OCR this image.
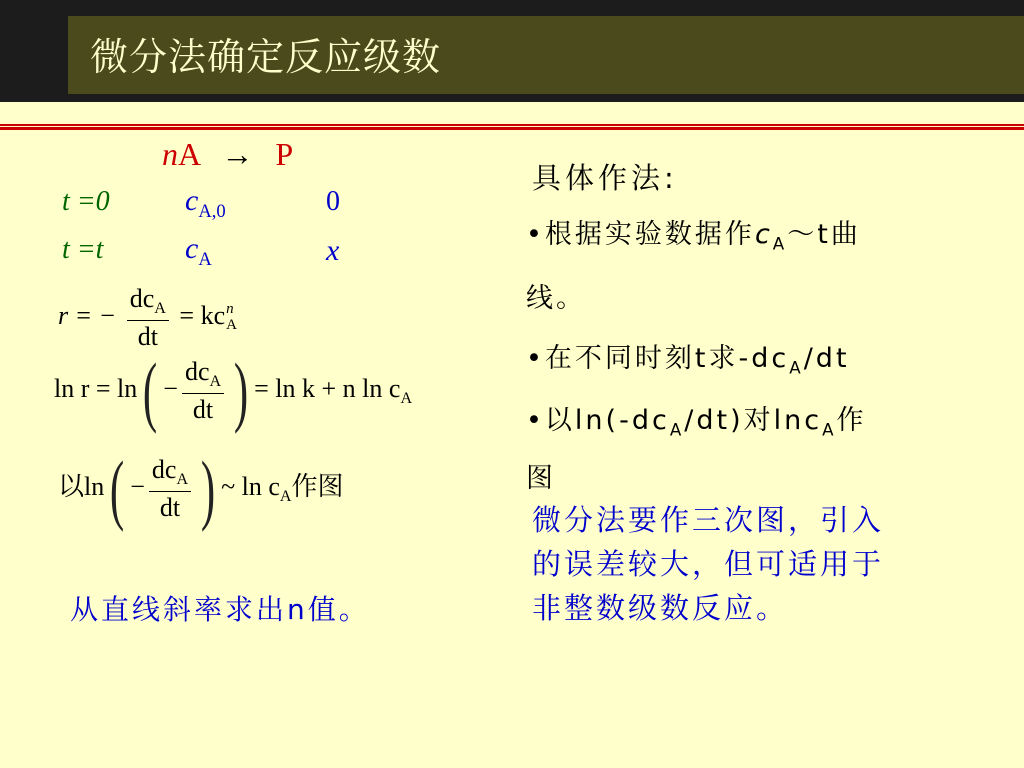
微分法确定反应级数
nA → P
t =0	$c_{A,0}$	0
t =t	$c_A$	x
r = − $\frac{dc_A}{dt}$ = kc n
A
$\ln r = \ln( - \frac{dc_A}{dt}$ ) = ln k + n $\ln c_A$
以$\ln( - \frac{dc_A}{dt}$ ) ~ $\ln c_A$作图
从直线斜率求出n值。
具体作法:
•根据实验数据作$c_A\sim t$曲
线。
•在不同时刻t求$-dc_A/dt$
•以$\ln(-dc_A/dt)$对lnc$_A$作
图
微分法要作三次图，引入
的误差较大，但可适用于
非整数级数反应。
